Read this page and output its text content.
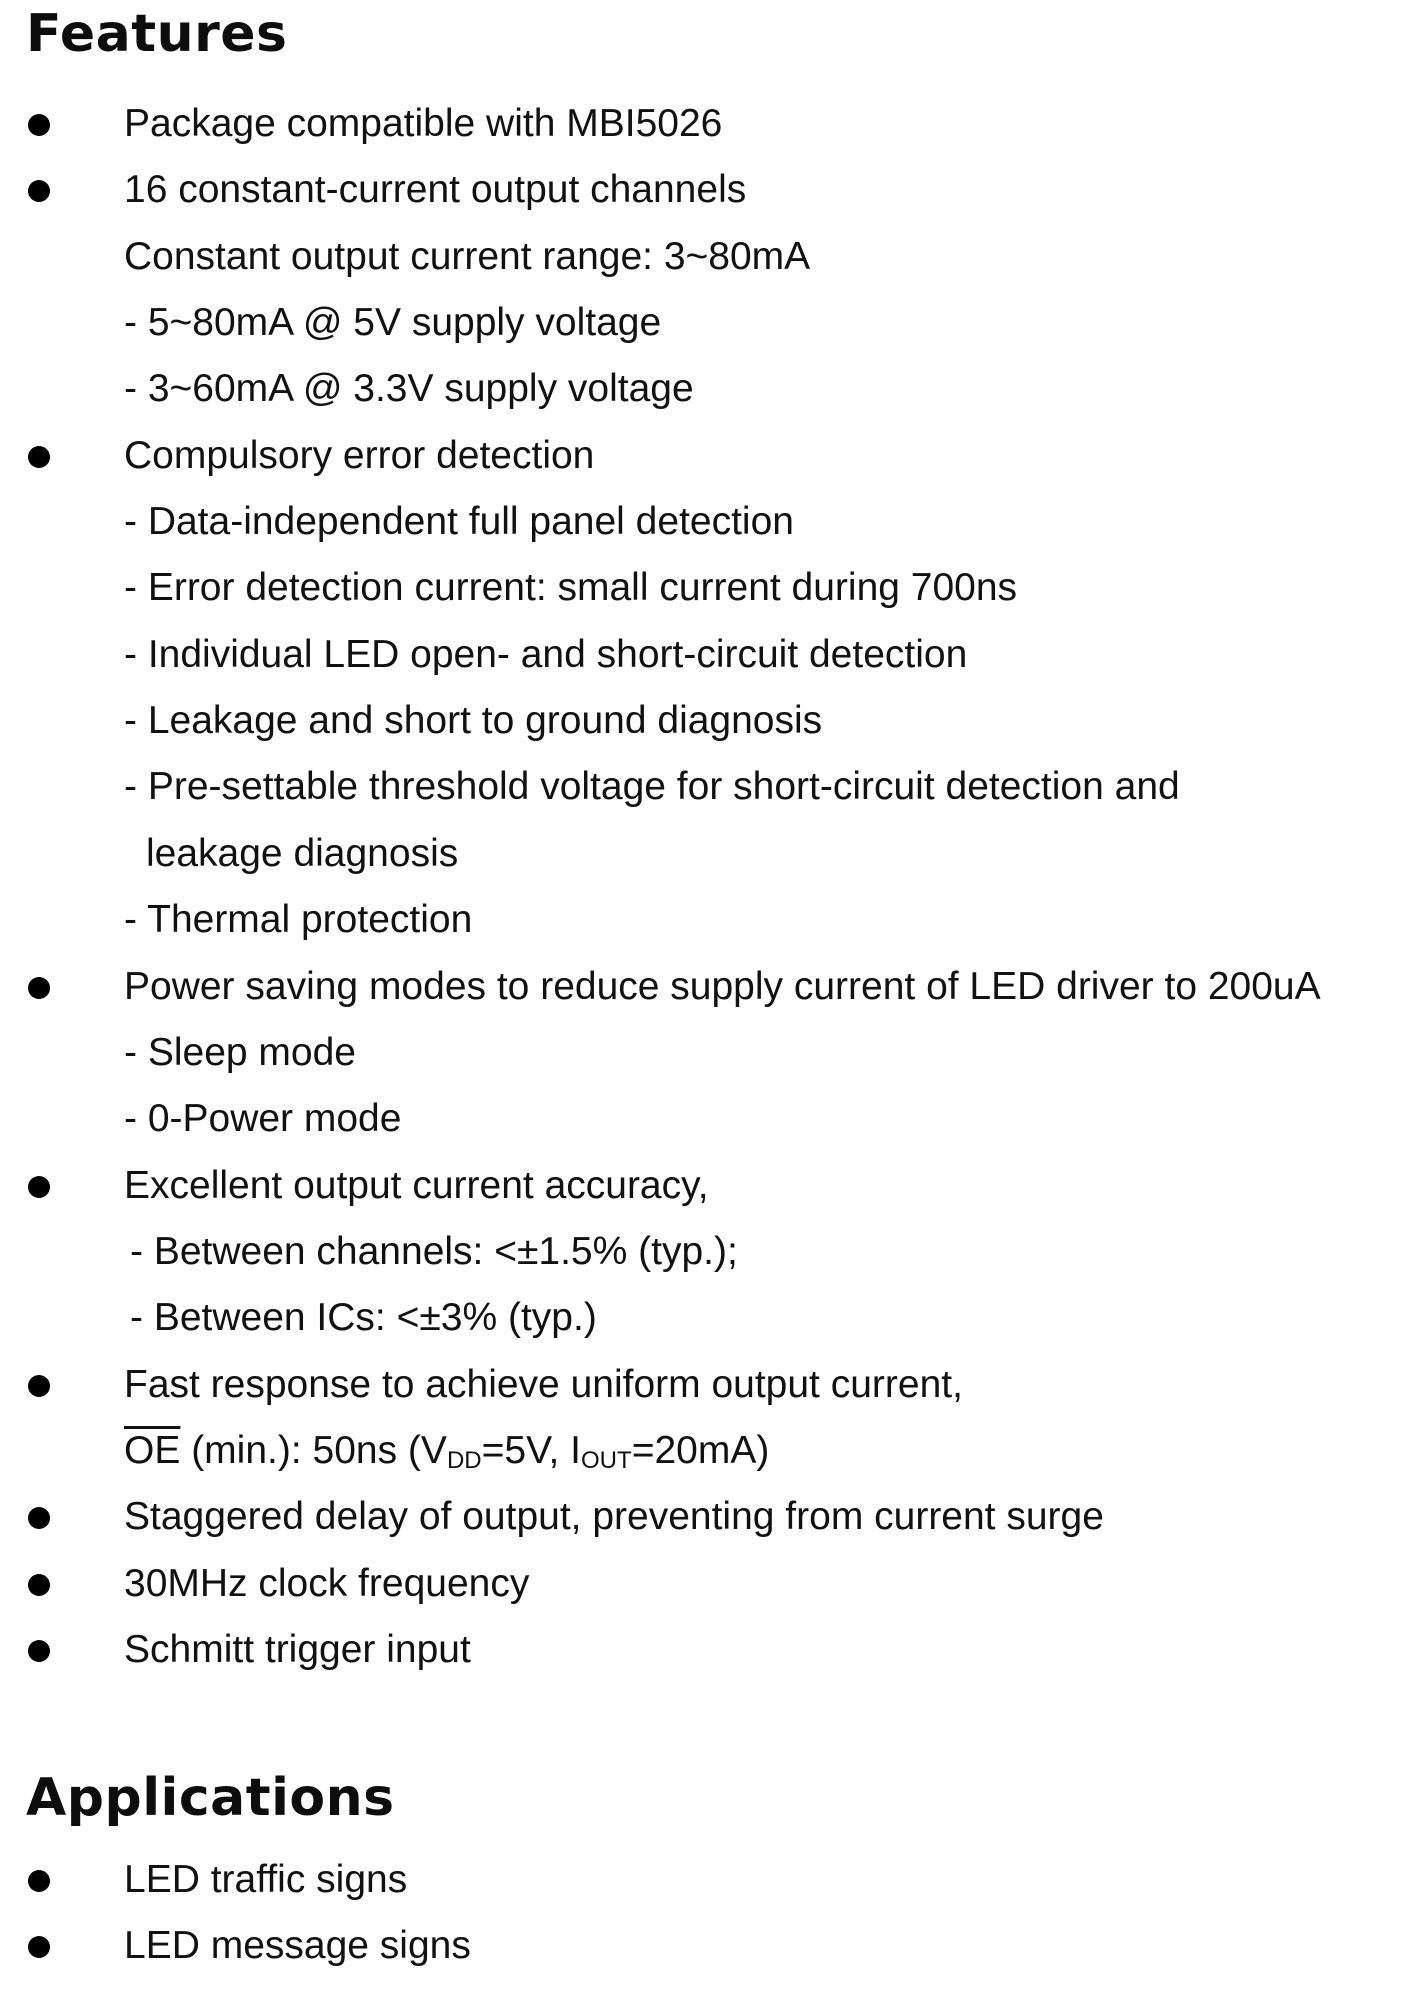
Features
Package compatible with MBI5026
16 constant-current output channels
Constant output current range: 3~80mA
- 5~80mA @ 5V supply voltage
- 3~60mA @ 3.3V supply voltage
Compulsory error detection
- Data-independent full panel detection
- Error detection current: small current during 700ns
- Individual LED open- and short-circuit detection
- Leakage and short to ground diagnosis
- Pre-settable threshold voltage for short-circuit detection and
leakage diagnosis
- Thermal protection
Power saving modes to reduce supply current of LED driver to 200uA
- Sleep mode
- 0-Power mode
Excellent output current accuracy,
- Between channels: <±1.5% (typ.);
- Between ICs: <±3% (typ.)
Fast response to achieve uniform output current,
$\overline{OE}$ (min.): 50ns ($V_{DD}=5V$, $I_{OUT}=20mA$)
Staggered delay of output, preventing from current surge
30MHz clock frequency
Schmitt trigger input
Applications
LED traffic signs
LED message signs
